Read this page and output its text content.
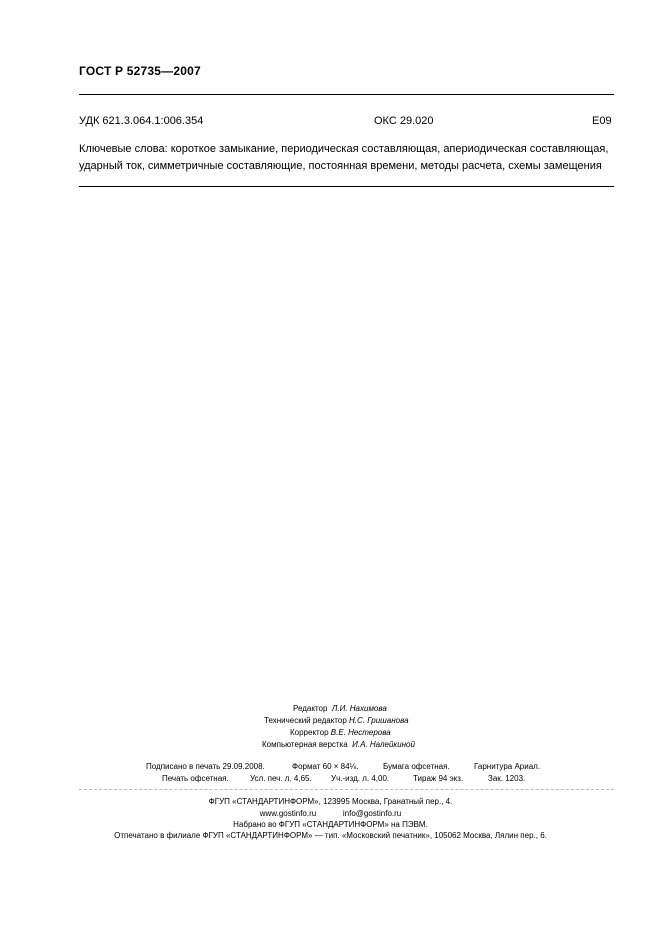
ГОСТ Р 52735—2007
УДК 621.3.064.1:006.354	ОКС 29.020	Е09
Ключевые слова: короткое замыкание, периодическая составляющая, апериодическая составляющая, ударный ток, симметричные составляющие, постоянная времени, методы расчета, схемы замещения
Редактор Л.И. Нахимова
Технический редактор Н.С. Гришанова
Корректор В.Е. Нестерова
Компьютерная верстка И.А. Налейкиной
Подписано в печать 29.09.2008.	Формат 60 × 84⅛.	Бумага офсетная.	Гарнитура Ариал.
Печать офсетная.	Усл. печ. л. 4,65. Уч.-изд. л. 4,00.	Тираж 94 экз.	Зак. 1203.
ФГУП «СТАНДАРТИНФОРМ», 123995 Москва, Гранатный пер., 4.
www.gostinfo.ru	info@gostinfo.ru
Набрано во ФГУП «СТАНДАРТИНФОРМ» на ПЭВМ.
Отпечатано в филиале ФГУП «СТАНДАРТИНФОРМ» — тип. «Московский печатник», 105062 Москва, Лялин пер., 6.
